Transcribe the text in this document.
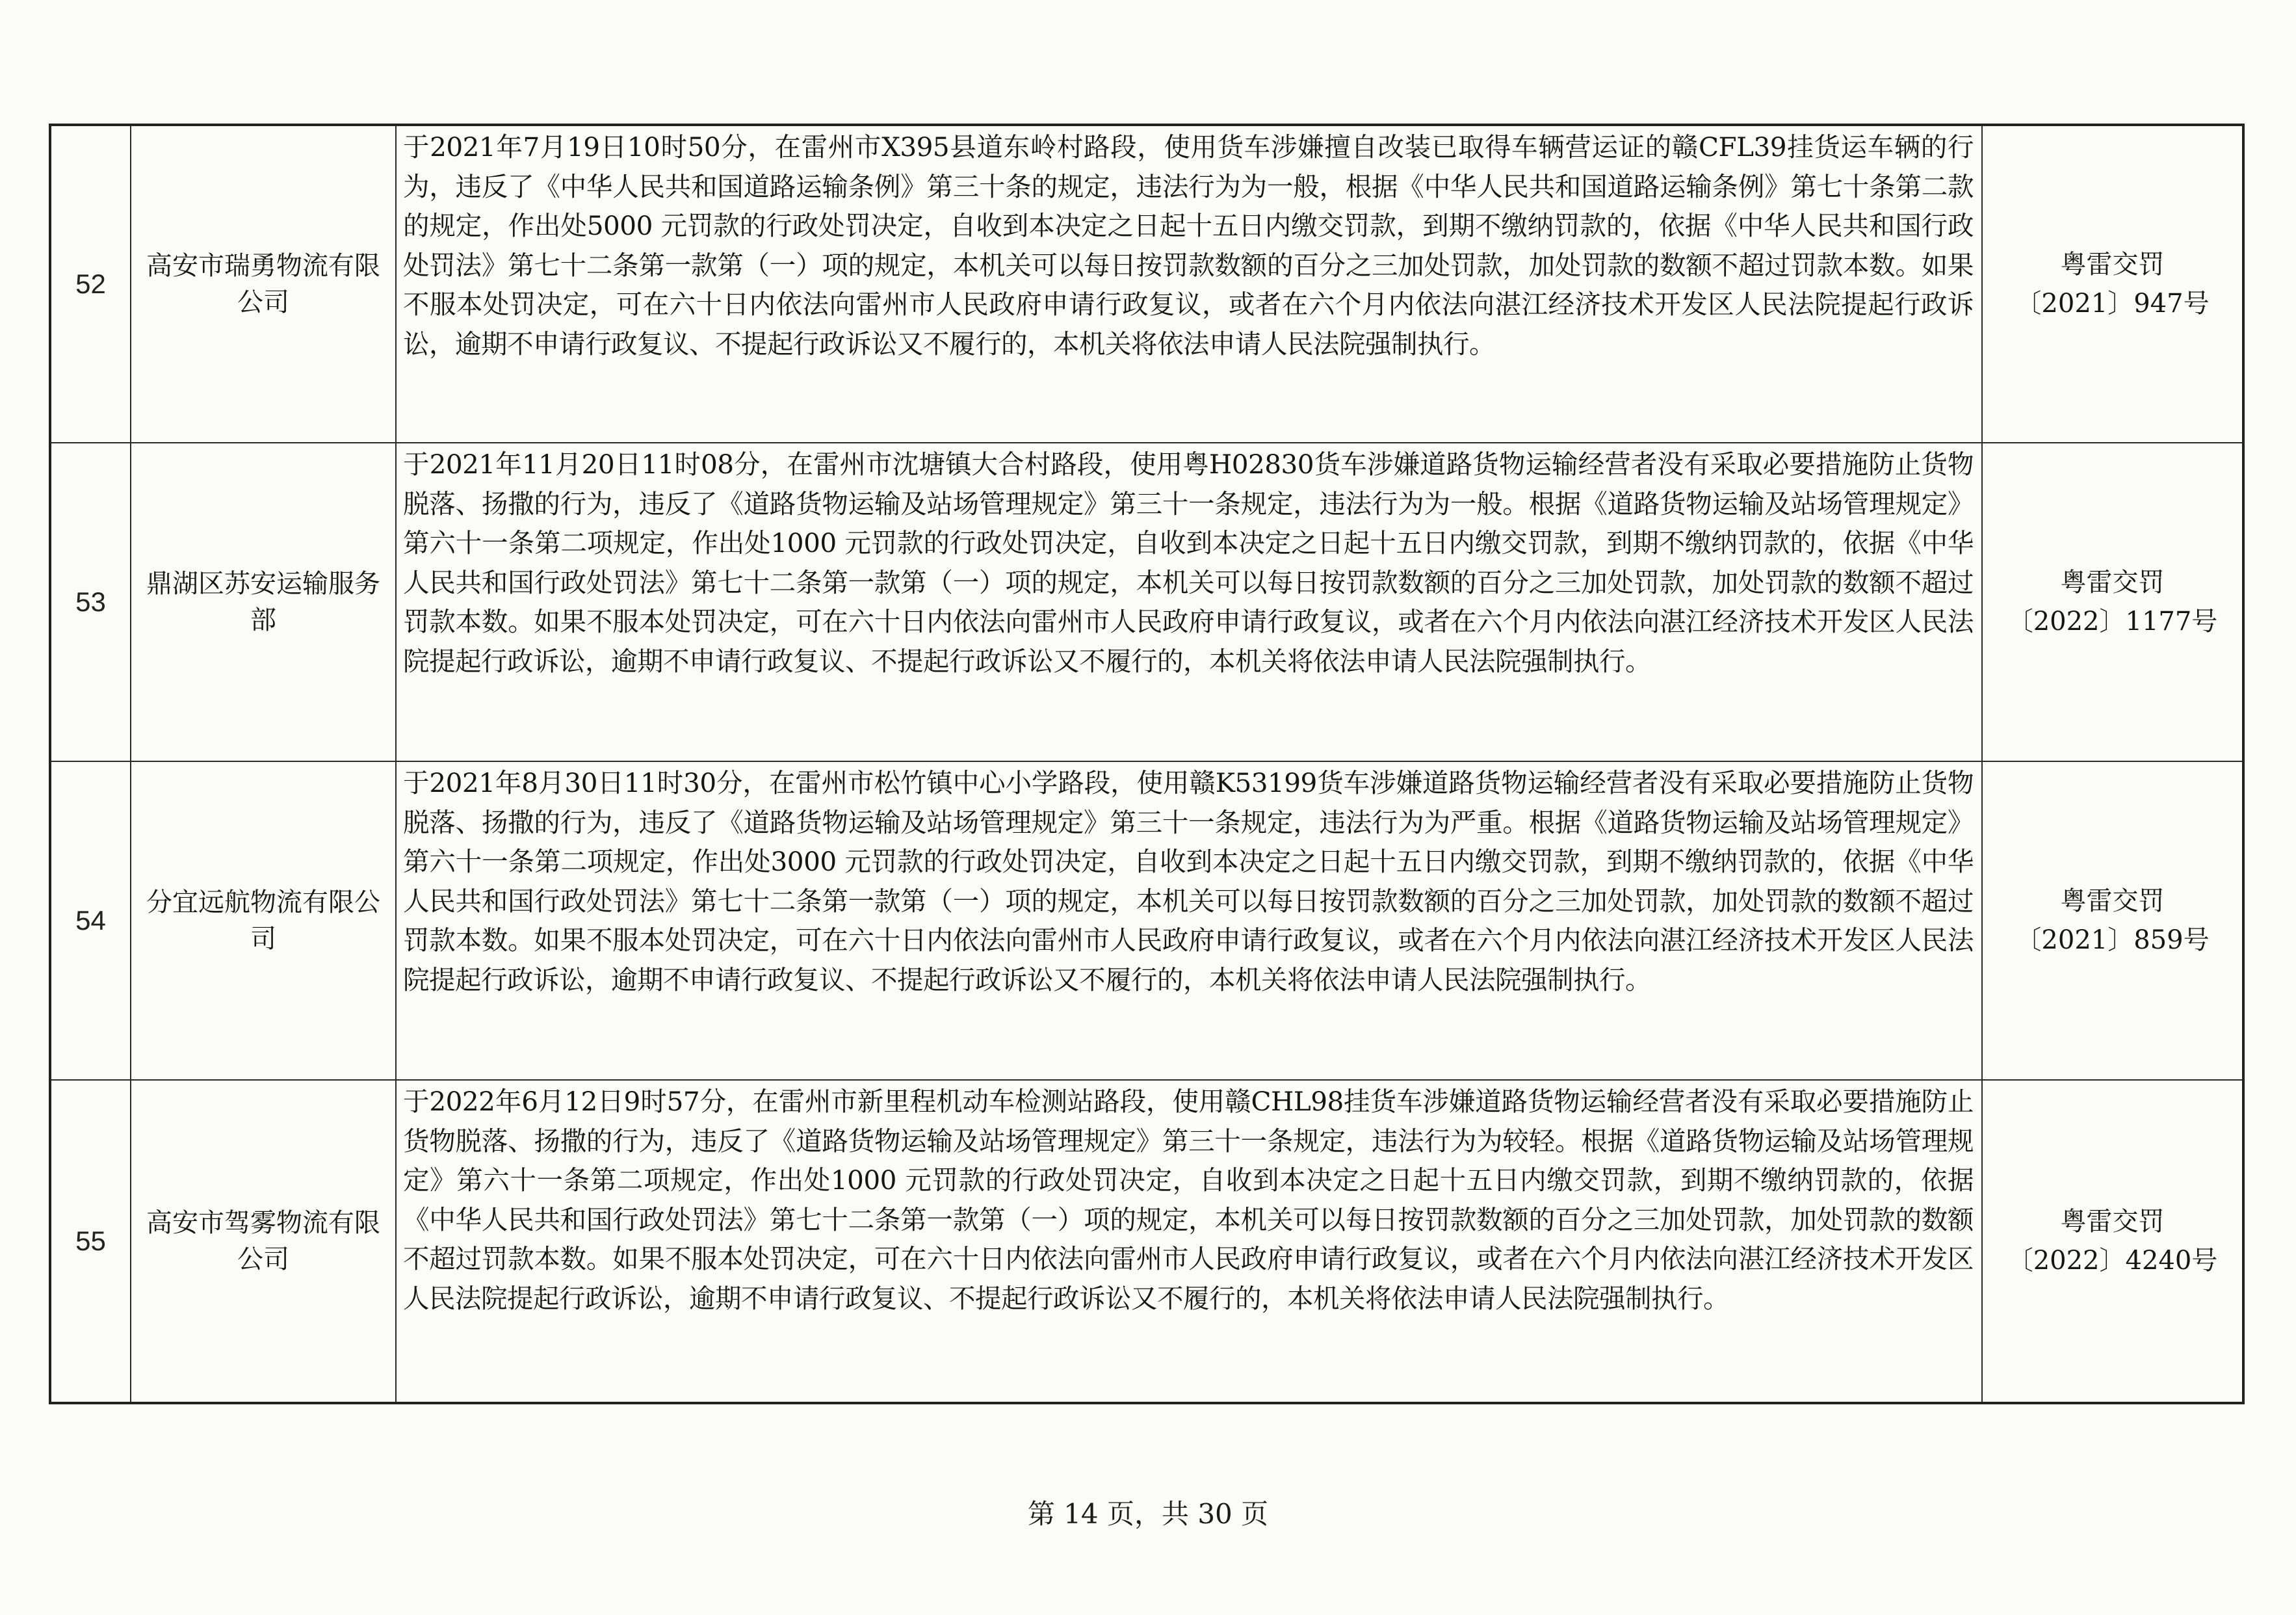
52	高安市瑞勇物流有限公司	于2021年7月19日10时50分，在雷州市X395县道东岭村路段，使用货车涉嫌擅自改装已取得车辆营运证的赣CFL39挂货运车辆的行为，违反了《中华人民共和国道路运输条例》第三十条的规定，违法行为为一般，根据《中华人民共和国道路运输条例》第七十条第二款的规定，作出处5000 元罚款的行政处罚决定，自收到本决定之日起十五日内缴交罚款，到期不缴纳罚款的，依据《中华人民共和国行政处罚法》第七十二条第一款第（一）项的规定，本机关可以每日按罚款数额的百分之三加处罚款，加处罚款的数额不超过罚款本数。如果不服本处罚决定，可在六十日内依法向雷州市人民政府申请行政复议，或者在六个月内依法向湛江经济技术开发区人民法院提起行政诉讼，逾期不申请行政复议、不提起行政诉讼又不履行的，本机关将依法申请人民法院强制执行。	粤雷交罚
〔2021〕947号

53	鼎湖区苏安运输服务部	于2021年11月20日11时08分，在雷州市沈塘镇大合村路段，使用粤H02830货车涉嫌道路货物运输经营者没有采取必要措施防止货物脱落、扬撒的行为，违反了《道路货物运输及站场管理规定》第三十一条规定，违法行为为一般。根据《道路货物运输及站场管理规定》第六十一条第二项规定，作出处1000 元罚款的行政处罚决定，自收到本决定之日起十五日内缴交罚款，到期不缴纳罚款的，依据《中华人民共和国行政处罚法》第七十二条第一款第（一）项的规定，本机关可以每日按罚款数额的百分之三加处罚款，加处罚款的数额不超过罚款本数。如果不服本处罚决定，可在六十日内依法向雷州市人民政府申请行政复议，或者在六个月内依法向湛江经济技术开发区人民法院提起行政诉讼，逾期不申请行政复议、不提起行政诉讼又不履行的，本机关将依法申请人民法院强制执行。	粤雷交罚
〔2022〕1177号

54	分宜远航物流有限公司	于2021年8月30日11时30分，在雷州市松竹镇中心小学路段，使用赣K53199货车涉嫌道路货物运输经营者没有采取必要措施防止货物脱落、扬撒的行为，违反了《道路货物运输及站场管理规定》第三十一条规定，违法行为为严重。根据《道路货物运输及站场管理规定》第六十一条第二项规定，作出处3000 元罚款的行政处罚决定，自收到本决定之日起十五日内缴交罚款，到期不缴纳罚款的，依据《中华人民共和国行政处罚法》第七十二条第一款第（一）项的规定，本机关可以每日按罚款数额的百分之三加处罚款，加处罚款的数额不超过罚款本数。如果不服本处罚决定，可在六十日内依法向雷州市人民政府申请行政复议，或者在六个月内依法向湛江经济技术开发区人民法院提起行政诉讼，逾期不申请行政复议、不提起行政诉讼又不履行的，本机关将依法申请人民法院强制执行。	粤雷交罚
〔2021〕859号

55	高安市驾雾物流有限公司	于2022年6月12日9时57分，在雷州市新里程机动车检测站路段，使用赣CHL98挂货车涉嫌道路货物运输经营者没有采取必要措施防止货物脱落、扬撒的行为，违反了《道路货物运输及站场管理规定》第三十一条规定，违法行为为较轻。根据《道路货物运输及站场管理规定》第六十一条第二项规定，作出处1000 元罚款的行政处罚决定，自收到本决定之日起十五日内缴交罚款，到期不缴纳罚款的，依据《中华人民共和国行政处罚法》第七十二条第一款第（一）项的规定，本机关可以每日按罚款数额的百分之三加处罚款，加处罚款的数额不超过罚款本数。如果不服本处罚决定，可在六十日内依法向雷州市人民政府申请行政复议，或者在六个月内依法向湛江经济技术开发区人民法院提起行政诉讼，逾期不申请行政复议、不提起行政诉讼又不履行的，本机关将依法申请人民法院强制执行。	粤雷交罚
〔2022〕4240号
第 14 页，共 30 页
